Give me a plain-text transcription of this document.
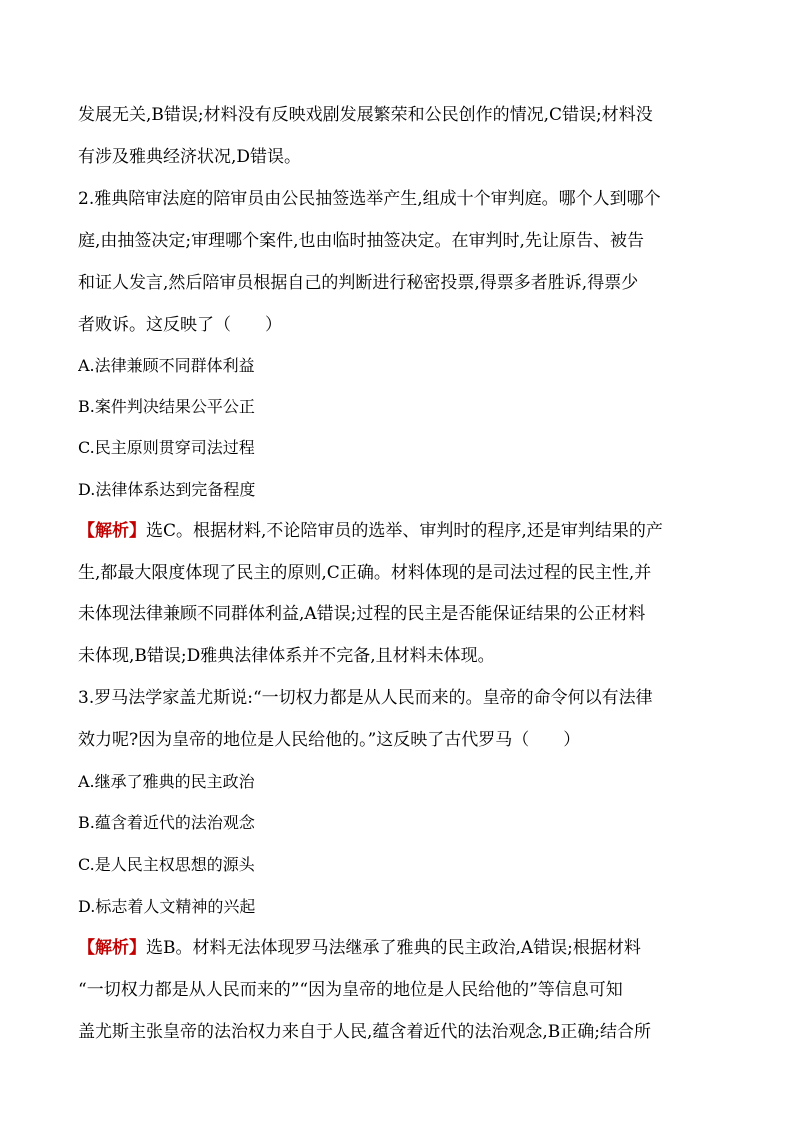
发展无关,B错误;材料没有反映戏剧发展繁荣和公民创作的情况,C错误;材料没
有涉及雅典经济状况,D错误。
2.雅典陪审法庭的陪审员由公民抽签选举产生,组成十个审判庭。哪个人到哪个
庭,由抽签决定;审理哪个案件,也由临时抽签决定。在审判时,先让原告、被告
和证人发言,然后陪审员根据自己的判断进行秘密投票,得票多者胜诉,得票少
者败诉。这反映了（　　）
A.法律兼顾不同群体利益
B.案件判决结果公平公正
C.民主原则贯穿司法过程
D.法律体系达到完备程度
【解析】选C。根据材料,不论陪审员的选举、审判时的程序,还是审判结果的产
生,都最大限度体现了民主的原则,C正确。材料体现的是司法过程的民主性,并
未体现法律兼顾不同群体利益,A错误;过程的民主是否能保证结果的公正材料
未体现,B错误;D雅典法律体系并不完备,且材料未体现。
3.罗马法学家盖尤斯说:“一切权力都是从人民而来的。皇帝的命令何以有法律
效力呢?因为皇帝的地位是人民给他的。”这反映了古代罗马（　　）
A.继承了雅典的民主政治
B.蕴含着近代的法治观念
C.是人民主权思想的源头
D.标志着人文精神的兴起
【解析】选B。材料无法体现罗马法继承了雅典的民主政治,A错误;根据材料
“一切权力都是从人民而来的”“因为皇帝的地位是人民给他的”等信息可知
盖尤斯主张皇帝的法治权力来自于人民,蕴含着近代的法治观念,B正确;结合所
